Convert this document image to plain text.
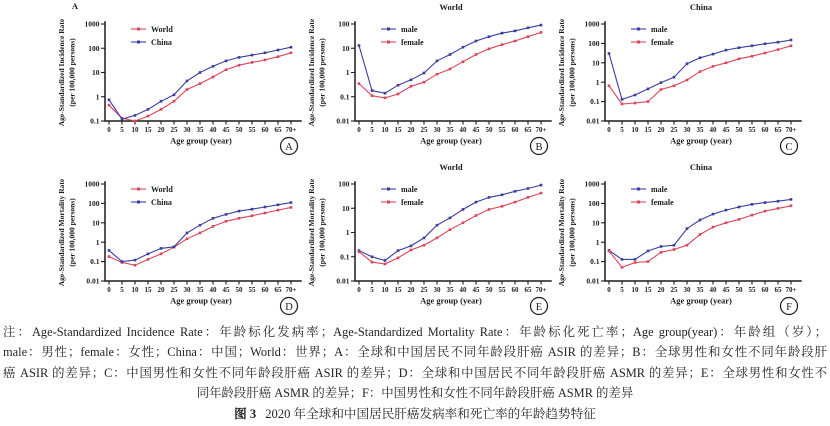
A
Age-Standardized Incidence Rate (per 100,000 persons)
0.1
1
10
100
1000
0 5 10 15 20 25 30 35 40 45 50 55 60 65 70+
Age group (year)
World
China
A
World
Age-Standardized Incidence Rate (per 100,000 persons)
0.01
0.1
1
10
100
0 5 10 15 20 25 30 35 40 45 50 55 60 65 70+
Age group (year)
male
female
B
China
Age-Standardized Incidence Rate (per 100,000 persons)
0.01
0.1
1
10
100
1000
0 5 10 15 20 25 30 35 40 45 50 55 60 65 70+
Age group (year)
male
female
C
Age-Standardized Mortality Rate (per 100,000 persons)
0.01
0.1
1
10
100
1000
0 5 10 15 20 25 30 35 40 45 50 55 60 65 70+
Age group (year)
World
China
D
World
Age-Standardized Mortality Rate (per 100,000 persons)
0.01
0.1
1
10
100
0 5 10 15 20 25 30 35 40 45 50 55 60 65 70+
Age group (year)
male
female
E
China
Age-Standardized Mortality Rate (per 100,000 persons)
0.01
0.1
1
10
100
1000
0 5 10 15 20 25 30 35 40 45 50 55 60 65 70+
Age group (year)
male
female
F
注：Age-Standardized Incidence Rate：年龄标化发病率；Age-Standardized Mortality Rate：年龄标化死亡率；Age group(year)：年龄组（岁）；
male：男性；female：女性；China：中国；World：世界；A：全球和中国居民不同年龄段肝癌 ASIR 的差异；B：全球男性和女性不同年龄段肝
癌 ASIR 的差异；C：中国男性和女性不同年龄段肝癌 ASIR 的差异；D：全球和中国居民不同年龄段肝癌 ASMR 的差异；E：全球男性和女性不
同年龄段肝癌 ASMR 的差异；F：中国男性和女性不同年龄段肝癌 ASMR 的差异
图 3 2020 年全球和中国居民肝癌发病率和死亡率的年龄趋势特征
